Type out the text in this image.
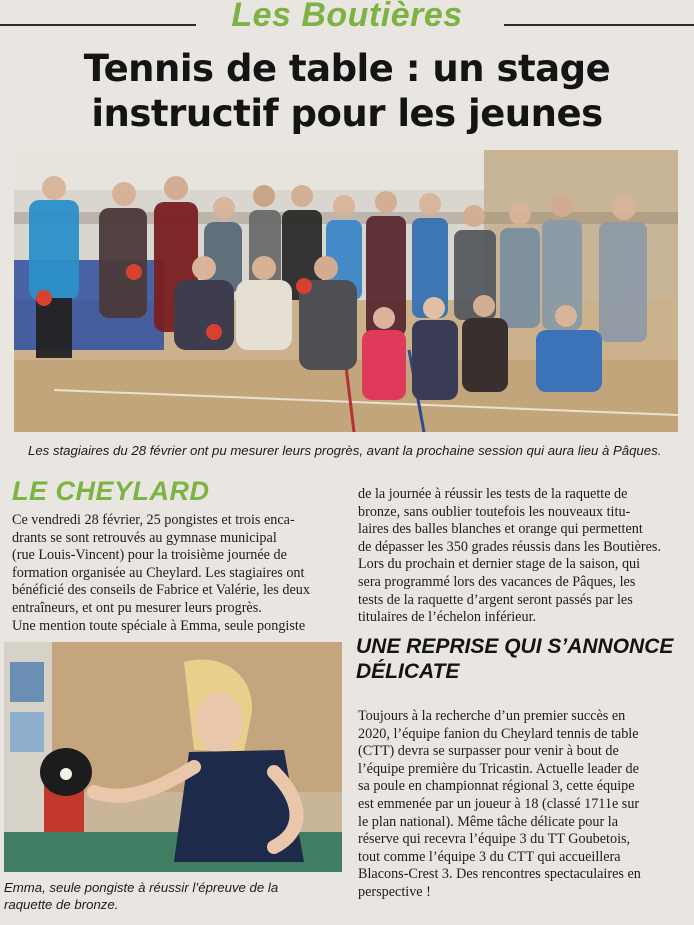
Les Boutières
Tennis de table : un stage
instructif pour les jeunes
Les stagiaires du 28 février ont pu mesurer leurs progrès, avant la prochaine session qui aura lieu à Pâques.
LE CHEYLARD
Ce vendredi 28 février, 25 pongistes et trois enca-
drants se sont retrouvés au gymnase municipal
(rue Louis-Vincent) pour la troisième journée de
formation organisée au Cheylard. Les stagiaires ont
bénéficié des conseils de Fabrice et Valérie, les deux
entraîneurs, et ont pu mesurer leurs progrès.
Une mention toute spéciale à Emma, seule pongiste
de la journée à réussir les tests de la raquette de
bronze, sans oublier toutefois les nouveaux titu-
laires des balles blanches et orange qui permettent
de dépasser les 350 grades réussis dans les Boutières.
Lors du prochain et dernier stage de la saison, qui
sera programmé lors des vacances de Pâques, les
tests de la raquette d’argent seront passés par les
titulaires de l’échelon inférieur.
UNE REPRISE QUI S’ANNONCE
DÉLICATE
Toujours à la recherche d’un premier succès en
2020, l’équipe fanion du Cheylard tennis de table
(CTT) devra se surpasser pour venir à bout de
l’équipe première du Tricastin. Actuelle leader de
sa poule en championnat régional 3, cette équipe
est emmenée par un joueur à 18 (classé 1711e sur
le plan national). Même tâche délicate pour la
réserve qui recevra l’équipe 3 du TT Goubetois,
tout comme l’équipe 3 du CTT qui accueillera
Blacons-Crest 3. Des rencontres spectaculaires en
perspective !
Emma, seule pongiste à réussir l’épreuve de la
raquette de bronze.
